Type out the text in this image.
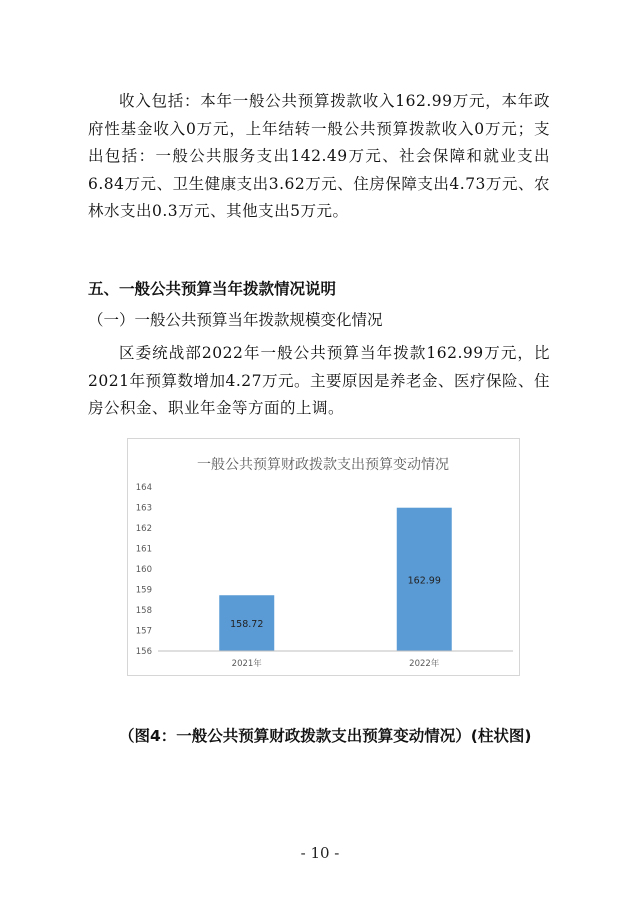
收入包括：本年一般公共预算拨款收入162.99万元，本年政府性基金收入0万元，上年结转一般公共预算拨款收入0万元；支出包括：一般公共服务支出142.49万元、社会保障和就业支出6.84万元、卫生健康支出3.62万元、住房保障支出4.73万元、农林水支出0.3万元、其他支出5万元。

五、一般公共预算当年拨款情况说明

（一）一般公共预算当年拨款规模变化情况

区委统战部2022年一般公共预算当年拨款162.99万元，比2021年预算数增加4.27万元。主要原因是养老金、医疗保险、住房公积金、职业年金等方面的上调。

一般公共预算财政拨款支出预算变动情况
156
157
158
159
160
161
162
163
164
158.72
162.99
2021年	2022年

（图4：一般公共预算财政拨款支出预算变动情况）(柱状图)

- 10 -
